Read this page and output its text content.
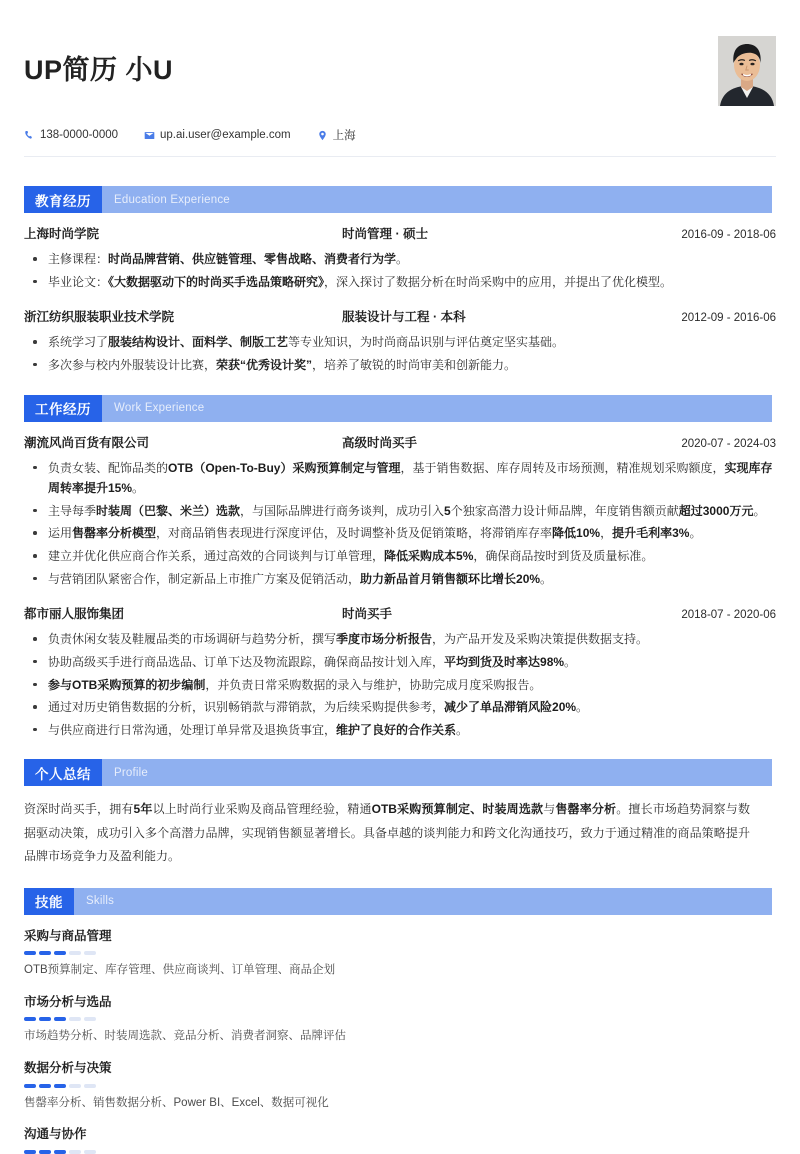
UP简历 小U
138-0000-0000	up.ai.user@example.com	上海
教育经历	Education Experience
上海时尚学院	时尚管理 · 硕士	2016-09 - 2018-06
主修课程：时尚品牌营销、供应链管理、零售战略、消费者行为学。
毕业论文：《大数据驱动下的时尚买手选品策略研究》，深入探讨了数据分析在时尚采购中的应用，并提出了优化模型。
浙江纺织服装职业技术学院	服装设计与工程 · 本科	2012-09 - 2016-06
系统学习了服装结构设计、面料学、制版工艺等专业知识，为时尚商品识别与评估奠定坚实基础。
多次参与校内外服装设计比赛，荣获“优秀设计奖”，培养了敏锐的时尚审美和创新能力。
工作经历	Work Experience
潮流风尚百货有限公司	高级时尚买手	2020-07 - 2024-03
负责女装、配饰品类的OTB（Open-To-Buy）采购预算制定与管理，基于销售数据、库存周转及市场预测，精准规划采购额度，实现库存周转率提升15%。
主导每季时装周（巴黎、米兰）选款，与国际品牌进行商务谈判，成功引入5个独家高潜力设计师品牌，年度销售额贡献超过3000万元。
运用售罄率分析模型，对商品销售表现进行深度评估，及时调整补货及促销策略，将滞销库存率降低10%，提升毛利率3%。
建立并优化供应商合作关系，通过高效的合同谈判与订单管理，降低采购成本5%，确保商品按时到货及质量标准。
与营销团队紧密合作，制定新品上市推广方案及促销活动，助力新品首月销售额环比增长20%。
都市丽人服饰集团	时尚买手	2018-07 - 2020-06
负责休闲女装及鞋履品类的市场调研与趋势分析，撰写季度市场分析报告，为产品开发及采购决策提供数据支持。
协助高级买手进行商品选品、订单下达及物流跟踪，确保商品按计划入库，平均到货及时率达98%。
参与OTB采购预算的初步编制，并负责日常采购数据的录入与维护，协助完成月度采购报告。
通过对历史销售数据的分析，识别畅销款与滞销款，为后续采购提供参考，减少了单品滞销风险20%。
与供应商进行日常沟通，处理订单异常及退换货事宜，维护了良好的合作关系。
个人总结	Profile
资深时尚买手，拥有5年以上时尚行业采购及商品管理经验，精通OTB采购预算制定、时装周选款与售罄率分析。擅长市场趋势洞察与数据驱动决策，成功引入多个高潜力品牌，实现销售额显著增长。具备卓越的谈判能力和跨文化沟通技巧，致力于通过精准的商品策略提升品牌市场竞争力及盈利能力。
技能	Skills
采购与商品管理
OTB预算制定、库存管理、供应商谈判、订单管理、商品企划
市场分析与选品
市场趋势分析、时装周选款、竞品分析、消费者洞察、品牌评估
数据分析与决策
售罄率分析、销售数据分析、Power BI、Excel、数据可视化
沟通与协作
